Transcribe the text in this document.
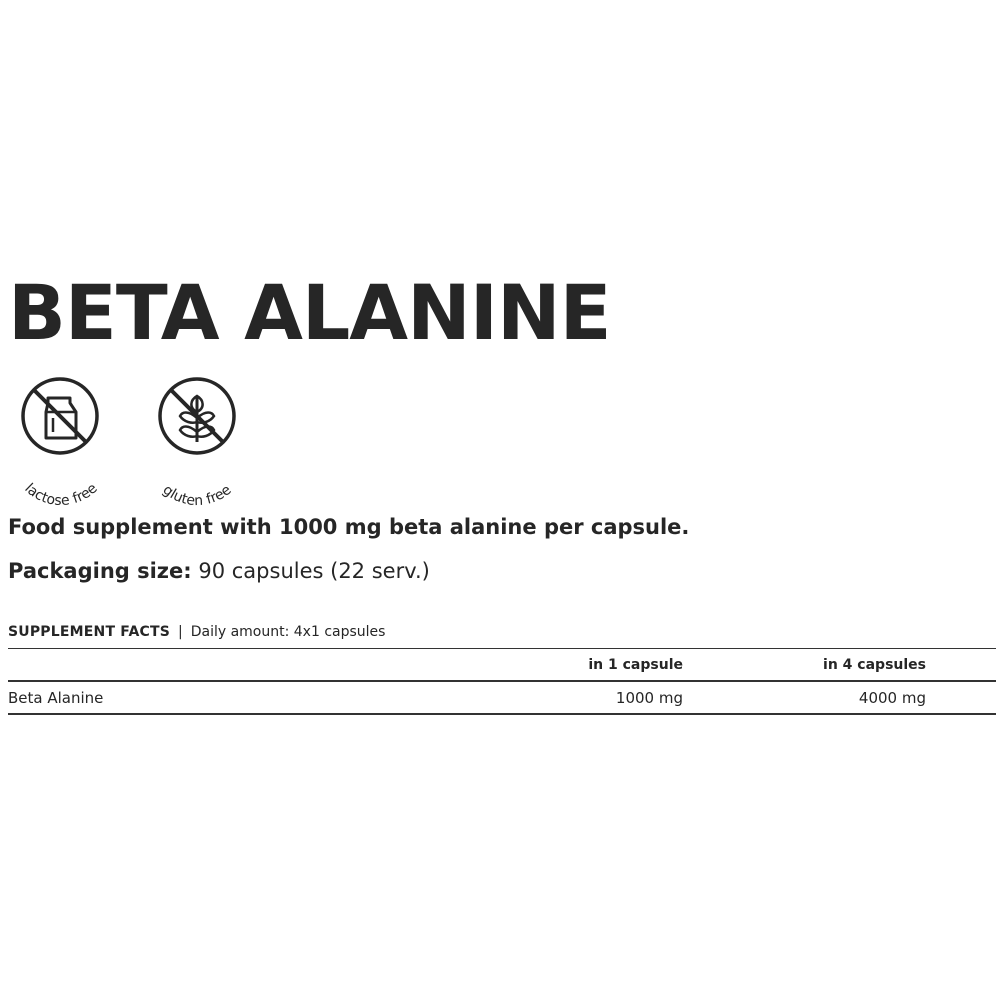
BETA ALANINE
lactose free	gluten free

Food supplement with 1000 mg beta alanine per capsule.

Packaging size: 90 capsules (22 serv.)

SUPPLEMENT FACTS | Daily amount: 4x1 capsules
	in 1 capsule	in 4 capsules	
Beta Alanine	1000 mg	4000 mg	
